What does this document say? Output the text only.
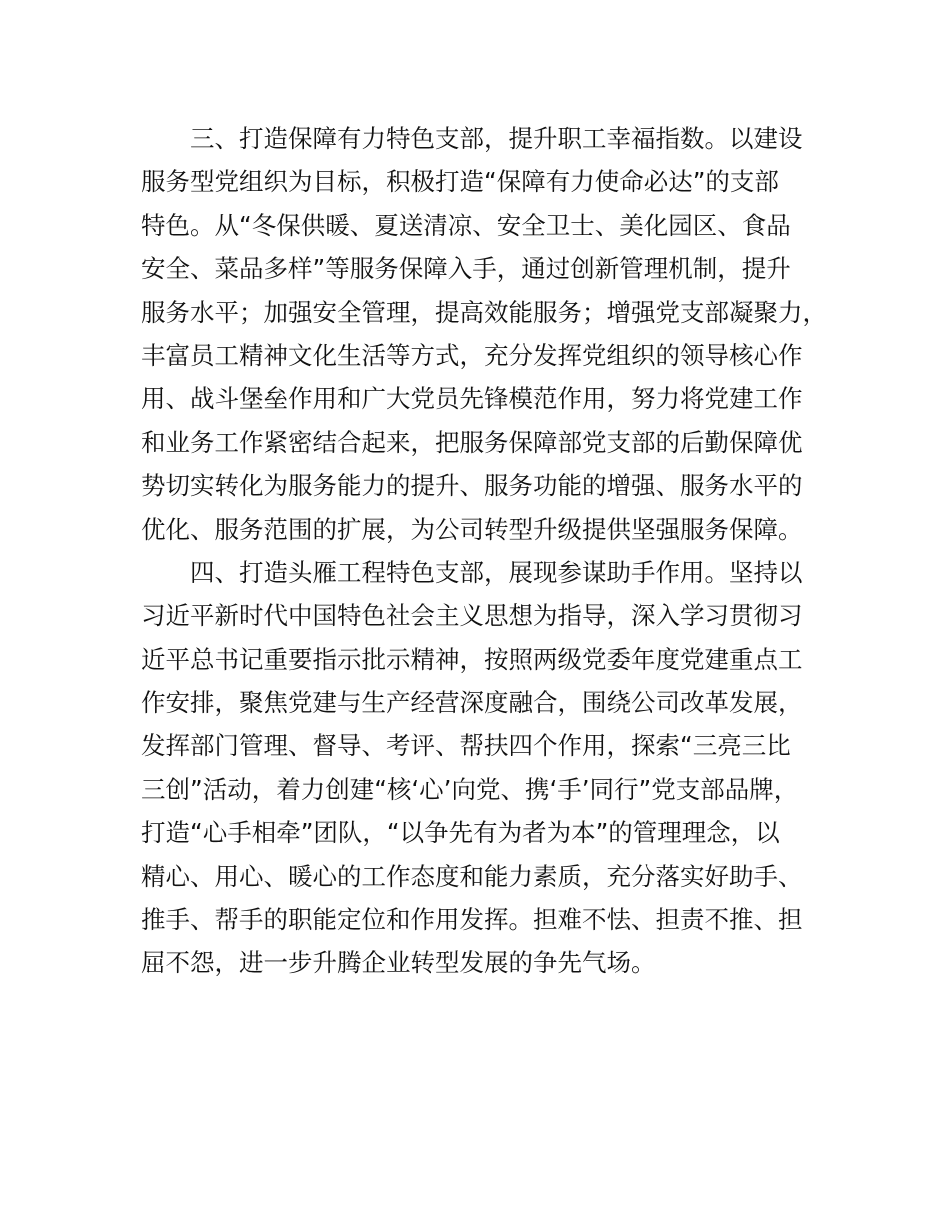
三、打造保障有力特色支部，提升职工幸福指数。以建设
服务型党组织为目标，积极打造“保障有力使命必达”的支部
特色。从“冬保供暖、夏送清凉、安全卫士、美化园区、食品
安全、菜品多样”等服务保障入手，通过创新管理机制，提升
服务水平；加强安全管理，提高效能服务；增强党支部凝聚力，
丰富员工精神文化生活等方式，充分发挥党组织的领导核心作
用、战斗堡垒作用和广大党员先锋模范作用，努力将党建工作
和业务工作紧密结合起来，把服务保障部党支部的后勤保障优
势切实转化为服务能力的提升、服务功能的增强、服务水平的
优化、服务范围的扩展，为公司转型升级提供坚强服务保障。

四、打造头雁工程特色支部，展现参谋助手作用。坚持以
习近平新时代中国特色社会主义思想为指导，深入学习贯彻习
近平总书记重要指示批示精神，按照两级党委年度党建重点工
作安排，聚焦党建与生产经营深度融合，围绕公司改革发展，
发挥部门管理、督导、考评、帮扶四个作用，探索“三亮三比
三创”活动，着力创建“核‘心’向党、携‘手’同行”党支部品牌，
打造“心手相牵”团队，“以争先有为者为本”的管理理念，以
精心、用心、暖心的工作态度和能力素质，充分落实好助手、
推手、帮手的职能定位和作用发挥。担难不怯、担责不推、担
屈不怨，进一步升腾企业转型发展的争先气场。
